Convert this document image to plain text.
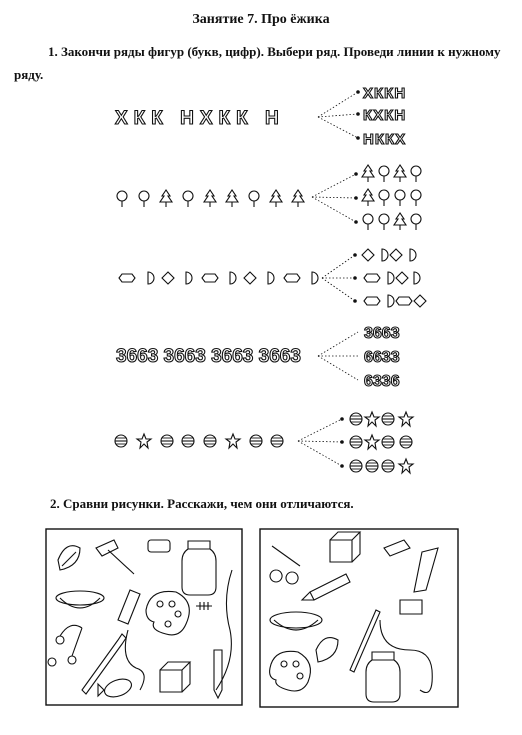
Занятие 7. Про ёжика
1. Закончи ряды фигур (букв, цифр). Выбери ряд. Проведи линии к нужному ряду.
ХКК НХКК Н
ХККН
КХКН
НККХ
3663 3663 3663 3663
3663
6633
6336
2. Сравни рисунки. Расскажи, чем они отличаются.
